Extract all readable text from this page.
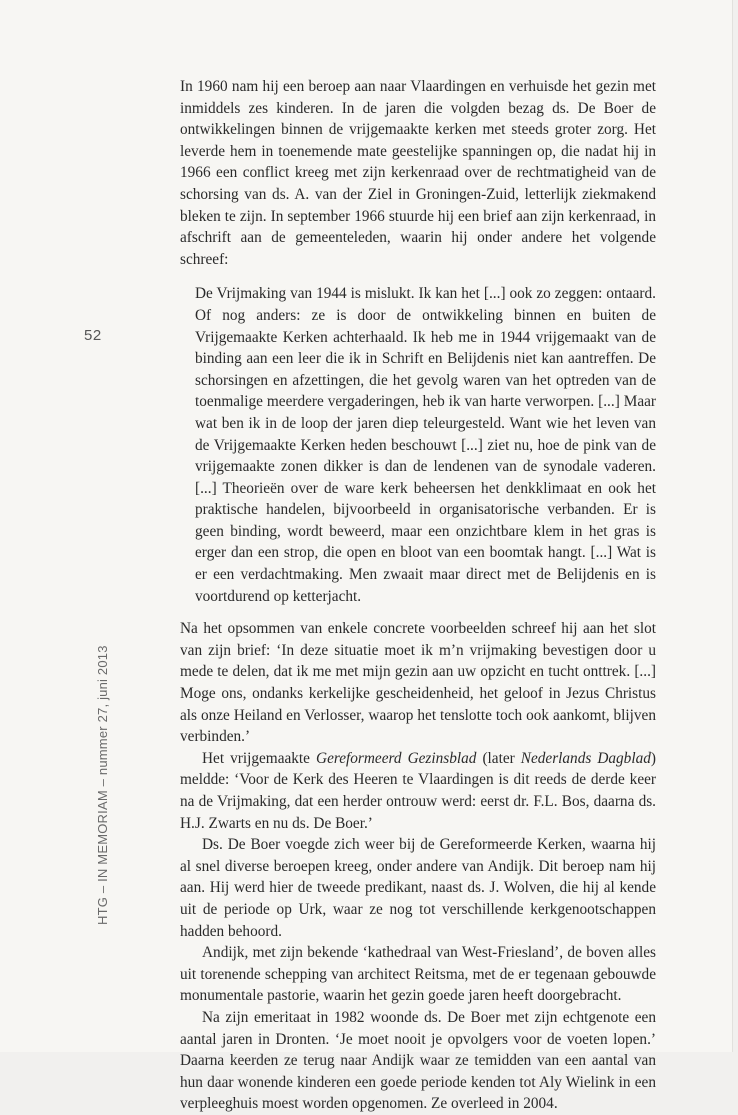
52
HTG – IN MEMORIAM – nummer 27, juni 2013

In 1960 nam hij een beroep aan naar Vlaardingen en verhuisde het gezin met inmiddels zes kinderen. In de jaren die volgden bezag ds. De Boer de ontwikkelingen binnen de vrijgemaakte kerken met steeds groter zorg. Het leverde hem in toenemende mate geestelijke spanningen op, die nadat hij in 1966 een conflict kreeg met zijn kerkenraad over de rechtmatigheid van de schorsing van ds. A. van der Ziel in Groningen-Zuid, letterlijk ziekmakend bleken te zijn. In september 1966 stuurde hij een brief aan zijn kerkenraad, in afschrift aan de gemeenteleden, waarin hij onder andere het volgende schreef:

De Vrijmaking van 1944 is mislukt. Ik kan het [...] ook zo zeggen: ontaard. Of nog anders: ze is door de ontwikkeling binnen en buiten de Vrijgemaakte Kerken achterhaald. Ik heb me in 1944 vrijgemaakt van de binding aan een leer die ik in Schrift en Belijdenis niet kan aantreffen. De schorsingen en afzettingen, die het gevolg waren van het optreden van de toenmalige meerdere vergaderingen, heb ik van harte verworpen. [...] Maar wat ben ik in de loop der jaren diep teleurgesteld. Want wie het leven van de Vrijgemaakte Kerken heden beschouwt [...] ziet nu, hoe de pink van de vrijgemaakte zonen dikker is dan de lendenen van de synodale vaderen. [...] Theorieën over de ware kerk beheersen het denkklimaat en ook het praktische handelen, bijvoorbeeld in organisatorische verbanden. Er is geen binding, wordt beweerd, maar een onzichtbare klem in het gras is erger dan een strop, die open en bloot van een boomtak hangt. [...] Wat is er een verdachtmaking. Men zwaait maar direct met de Belijdenis en is voortdurend op ketterjacht.

Na het opsommen van enkele concrete voorbeelden schreef hij aan het slot van zijn brief: ‘In deze situatie moet ik m’n vrijmaking bevestigen door u mede te delen, dat ik me met mijn gezin aan uw opzicht en tucht onttrek. [...] Moge ons, ondanks kerkelijke gescheidenheid, het geloof in Jezus Christus als onze Heiland en Verlosser, waarop het tenslotte toch ook aankomt, blijven verbinden.’

Het vrijgemaakte Gereformeerd Gezinsblad (later Nederlands Dagblad) meldde: ‘Voor de Kerk des Heeren te Vlaardingen is dit reeds de derde keer na de Vrijmaking, dat een herder ontrouw werd: eerst dr. F.L. Bos, daarna ds. H.J. Zwarts en nu ds. De Boer.’

Ds. De Boer voegde zich weer bij de Gereformeerde Kerken, waarna hij al snel diverse beroepen kreeg, onder andere van Andijk. Dit beroep nam hij aan. Hij werd hier de tweede predikant, naast ds. J. Wolven, die hij al kende uit de periode op Urk, waar ze nog tot verschillende kerkgenootschappen hadden behoord.

Andijk, met zijn bekende ‘kathedraal van West-Friesland’, de boven alles uit torenende schepping van architect Reitsma, met de er tegenaan gebouwde monumentale pastorie, waarin het gezin goede jaren heeft doorgebracht.

Na zijn emeritaat in 1982 woonde ds. De Boer met zijn echtgenote een aantal jaren in Dronten. ‘Je moet nooit je opvolgers voor de voeten lopen.’ Daarna keerden ze terug naar Andijk waar ze temidden van een aantal van hun daar wonende kinderen een goede periode kenden tot Aly Wielink in een verpleeghuis moest worden opgenomen. Ze overleed in 2004.
